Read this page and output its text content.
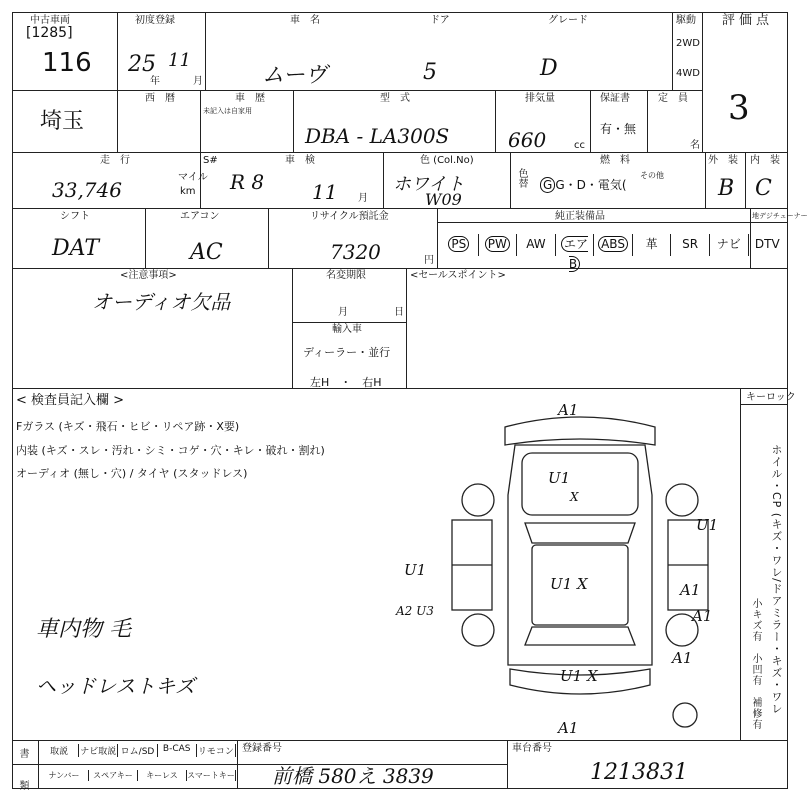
中古車両
[1285]
116
初度登録
25 11
年	月
車　名
ムーヴ
ドア
5
グレード
D
駆動
2WD
4WD
評価点
3
埼玉
西　暦	車　歴
未記入は自家用
型　式
DBA - LA300S
排気量
660	cc
保証書
有・無
定　員
名
走　行
33,746
マイル
km
S#	車　検
R 8 11 月
色 (Col.No)
ホワイト
W09
色替
燃　料
G G・D・電気(
その他
外　装
B
内　装
C
シフト
DAT
エアコン
AC
リサイクル預託金
7320	円
純正装備品	地デジチューナー
PS	PW	AW	エアB
ABS	革	SR	ナビ	DTV
<注意事項>
オーディオ欠品
名変期限
月	日
輸入車
ディーラー・並行
左H　・　右H
<セールスポイント>
< 検査員記入欄 >
Fガラス (キズ・飛石・ヒビ・リペア跡・X要)
内装 (キズ・スレ・汚れ・シミ・コゲ・穴・キレ・破れ・割れ)
オーディオ (無し・穴) / タイヤ (スタッドレス)
車内物 毛
ヘッドレストキズ
キーロック
ホイル・CP (キズ・ワレ/ドアミラー・キズ・ワレ
小キズ有　小凹有　補修有
A1
A1
U1
X
U1 X
U1 X
U1
A2 U3
U1
A1
A1
A1
書　類	取説	ナビ取説 ロム/SD B-CAS リモコン
ナンバー	スペアキー	キーレス	スマートキー
登録番号
前橋 580え 3839
車台番号
1213831
